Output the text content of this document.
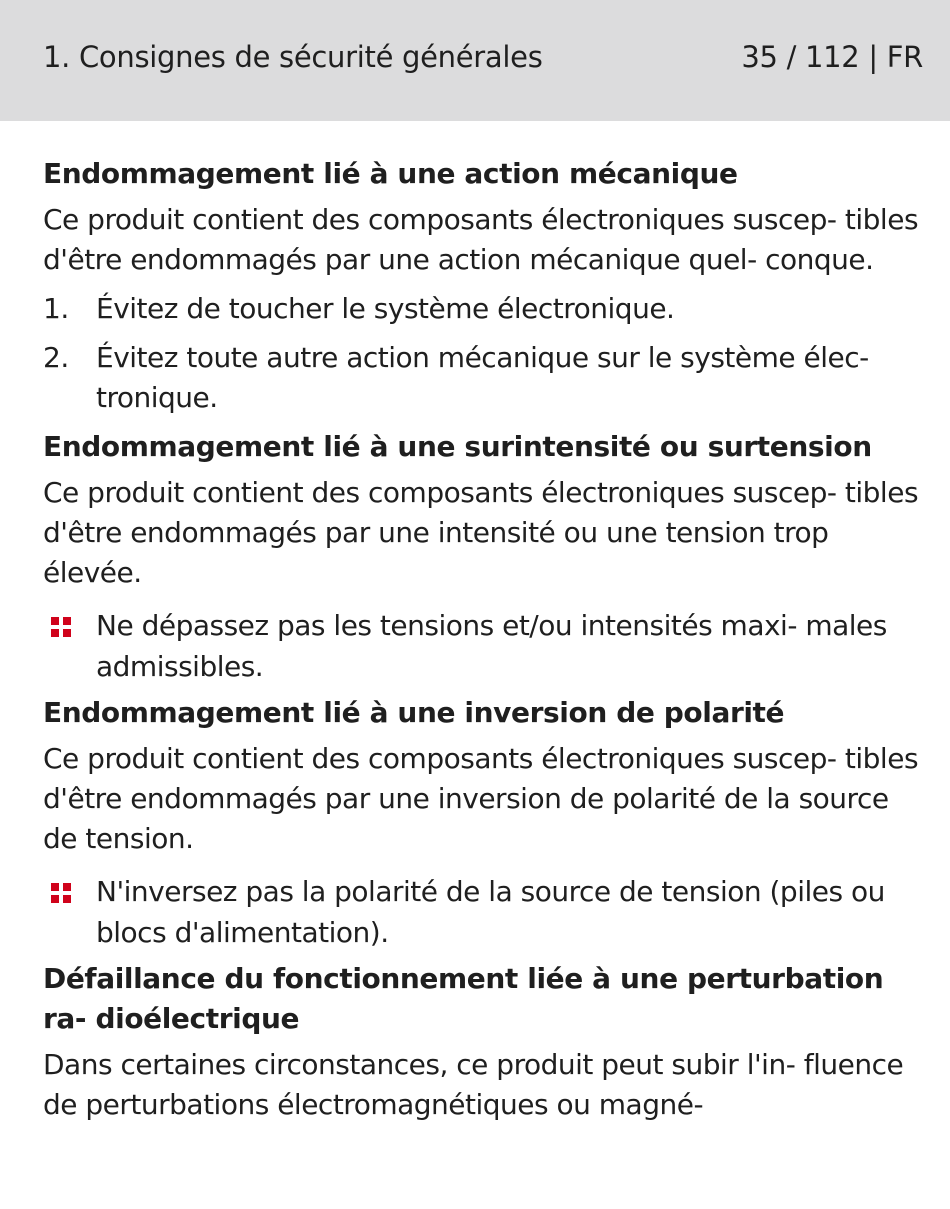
1. Consignes de sécurité générales	35 / 112 | FR
Endommagement lié à une action mécanique

Ce produit contient des composants électroniques suscep- tibles d'être endommagés par une action mécanique quel- conque.

1. Évitez de toucher le système électronique.
2. Évitez toute autre action mécanique sur le système élec- tronique.
Endommagement lié à une surintensité ou surtension

Ce produit contient des composants électroniques suscep- tibles d'être endommagés par une intensité ou une tension trop élevée.

Ne dépassez pas les tensions et/ou intensités maxi- males admissibles.
Endommagement lié à une inversion de polarité

Ce produit contient des composants électroniques suscep- tibles d'être endommagés par une inversion de polarité de la source de tension.

N'inversez pas la polarité de la source de tension (piles ou blocs d'alimentation).
Défaillance du fonctionnement liée à une perturbation ra- dioélectrique

Dans certaines circonstances, ce produit peut subir l'in- fluence de perturbations électromagnétiques ou magné-
